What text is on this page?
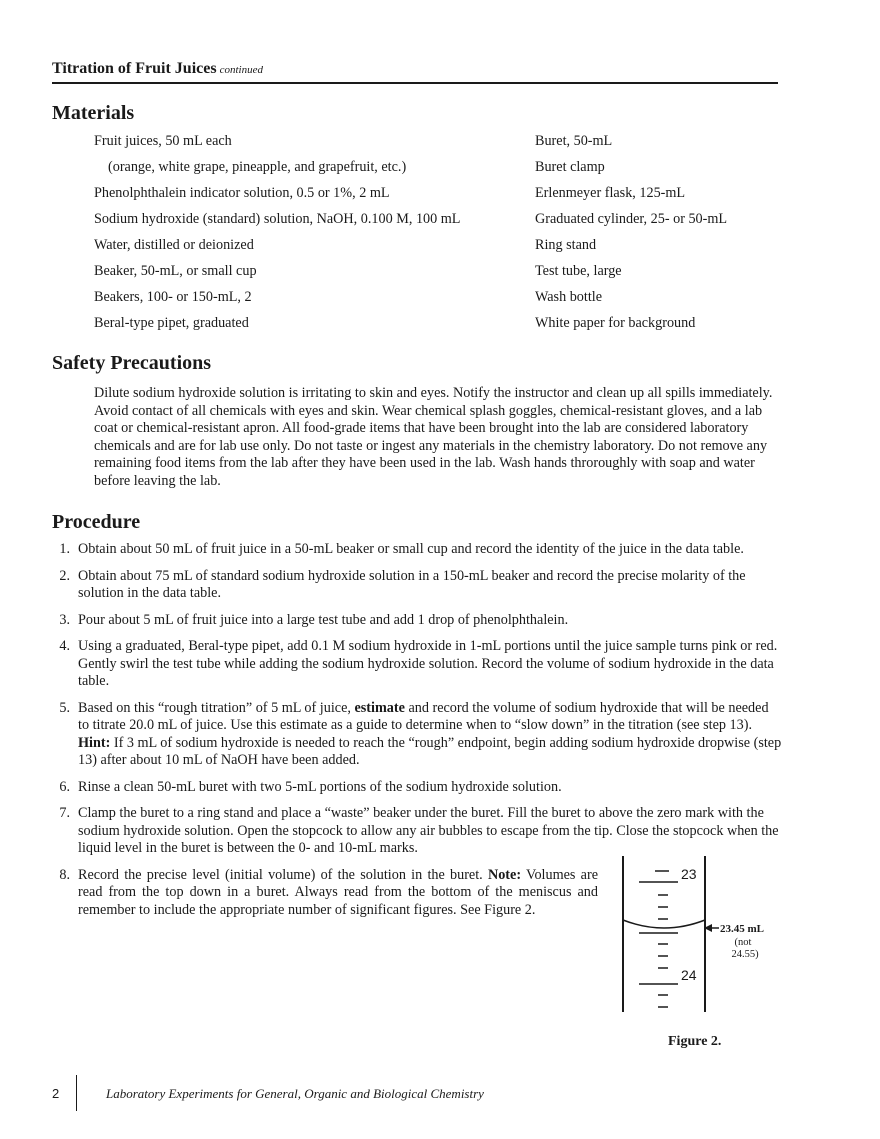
Titration of Fruit Juices continued
Materials
Fruit juices, 50 mL each
(orange, white grape, pineapple, and grapefruit, etc.)
Phenolphthalein indicator solution, 0.5 or 1%, 2 mL
Sodium hydroxide (standard) solution, NaOH, 0.100 M, 100 mL
Water, distilled or deionized
Beaker, 50-mL, or small cup
Beakers, 100- or 150-mL, 2
Beral-type pipet, graduated
Buret, 50-mL
Buret clamp
Erlenmeyer flask, 125-mL
Graduated cylinder, 25- or 50-mL
Ring stand
Test tube, large
Wash bottle
White paper for background
Safety Precautions

Dilute sodium hydroxide solution is irritating to skin and eyes. Notify the instructor and clean up all spills immediately. Avoid contact of all chemicals with eyes and skin. Wear chemical splash goggles, chemical-resistant gloves, and a lab coat or chemical-resistant apron. All food-grade items that have been brought into the lab are considered laboratory chemicals and are for lab use only. Do not taste or ingest any materials in the chemistry laboratory. Do not remove any remaining food items from the lab after they have been used in the lab. Wash hands throroughly with soap and water before leaving the lab.

Procedure
1. Obtain about 50 mL of fruit juice in a 50-mL beaker or small cup and record the identity of the juice in the data table.
2. Obtain about 75 mL of standard sodium hydroxide solution in a 150-mL beaker and record the precise molarity of the solution in the data table.
3. Pour about 5 mL of fruit juice into a large test tube and add 1 drop of phenolphthalein.
4. Using a graduated, Beral-type pipet, add 0.1 M sodium hydroxide in 1-mL portions until the juice sample turns pink or red. Gently swirl the test tube while adding the sodium hydroxide solution. Record the volume of sodium hydroxide in the data table.
5. Based on this “rough titration” of 5 mL of juice, estimate and record the volume of sodium hydroxide that will be needed to titrate 20.0 mL of juice. Use this estimate as a guide to determine when to “slow down” in the titration (see step 13). Hint: If 3 mL of sodium hydroxide is needed to reach the “rough” endpoint, begin adding sodium hydroxide dropwise (step 13) after about 10 mL of NaOH have been added.
6. Rinse a clean 50-mL buret with two 5-mL portions of the sodium hydroxide solution.
7. Clamp the buret to a ring stand and place a “waste” beaker under the buret. Fill the buret to above the zero mark with the sodium hydroxide solution. Open the stopcock to allow any air bubbles to escape from the tip. Close the stopcock when the liquid level in the buret is between the 0- and 10-mL marks.
8. Record the precise level (initial volume) of the solution in the buret. Note: Volumes are read from the top down in a buret. Always read from the bottom of the meniscus and remember to include the appropriate number of significant figures. See Figure 2.
23
24
23.45 mL
(not
24.55)
Figure 2.
2	Laboratory Experiments for General, Organic and Biological Chemistry
